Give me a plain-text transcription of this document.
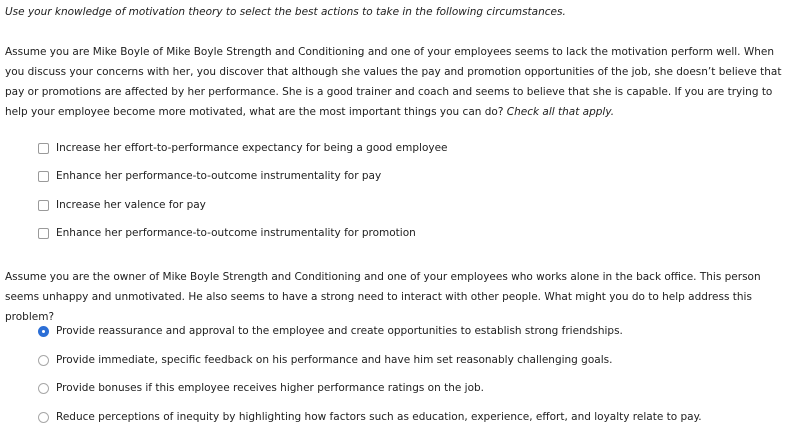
Use your knowledge of motivation theory to select the best actions to take in the following circumstances.

Assume you are Mike Boyle of Mike Boyle Strength and Conditioning and one of your employees seems to lack the motivation perform well. When you discuss your concerns with her, you discover that although she values the pay and promotion opportunities of the job, she doesn’t believe that pay or promotions are affected by her performance. She is a good trainer and coach and seems to believe that she is capable. If you are trying to help your employee become more motivated, what are the most important things you can do? Check all that apply.

Increase her effort-to-performance expectancy for being a good employee
Enhance her performance-to-outcome instrumentality for pay
Increase her valence for pay
Enhance her performance-to-outcome instrumentality for promotion

Assume you are the owner of Mike Boyle Strength and Conditioning and one of your employees who works alone in the back office. This person seems unhappy and unmotivated. He also seems to have a strong need to interact with other people. What might you do to help address this problem?

Provide reassurance and approval to the employee and create opportunities to establish strong friendships.
Provide immediate, specific feedback on his performance and have him set reasonably challenging goals.
Provide bonuses if this employee receives higher performance ratings on the job.
Reduce perceptions of inequity by highlighting how factors such as education, experience, effort, and loyalty relate to pay.
